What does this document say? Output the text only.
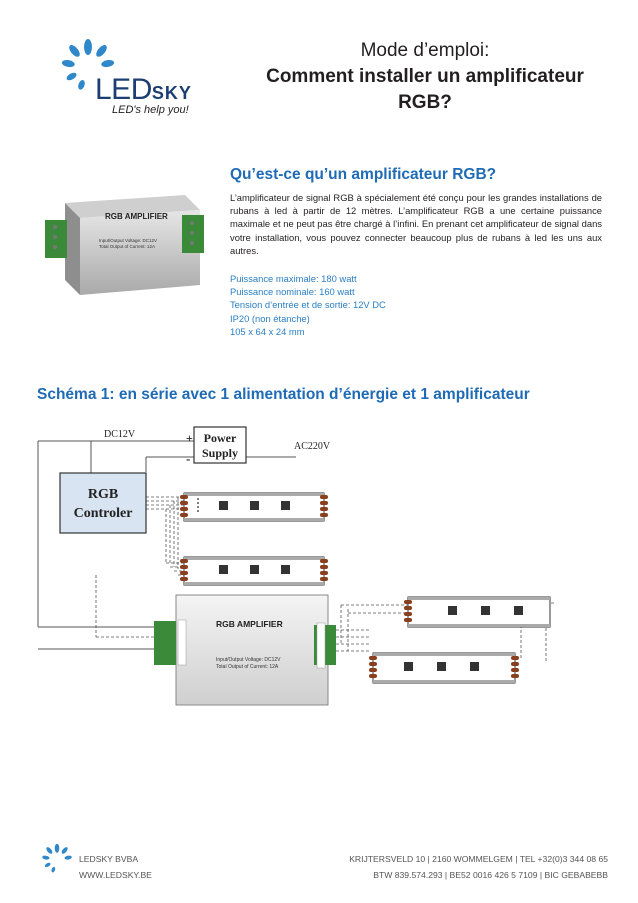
LEDSKY
LED's help you!
Mode d’emploi:
Comment installer un amplificateur
RGB?
RGB AMPLIFIER
Input/Output Voltage: DC12V
Total Output of Current: 12A
Qu’est-ce qu’un amplificateur RGB?
L’amplificateur de signal RGB à spécialement été conçu pour les grandes installations de rubans à led à partir de 12 mètres. L’amplificateur RGB a une certaine puissance maximale et ne peut pas être chargé à l’infini. En prenant cet amplificateur de signal dans votre installation, vous pouvez connecter beaucoup plus de rubans à led les uns aux autres.
Puissance maximale: 180 watt
Puissance nominale: 160 watt
Tension d’entrée et de sortie: 12V DC
IP20 (non étanche)
105 x 64 x 24 mm
Schéma 1: en série avec 1 alimentation d’énergie et 1 amplificateur
DC12V	+
-
AC220V
Power
Supply
RGB
Controler
RGB AMPLIFIER
Input/Output Voltage: DC12V
Total Output of Current: 12A
LEDSKY BVBA
WWW.LEDSKY.BE
KRIJTERSVELD 10 | 2160 WOMMELGEM | TEL +32(0)3 344 08 65
BTW 839.574.293 | BE52 0016 426 5 7109 | BIC GEBABEBB
